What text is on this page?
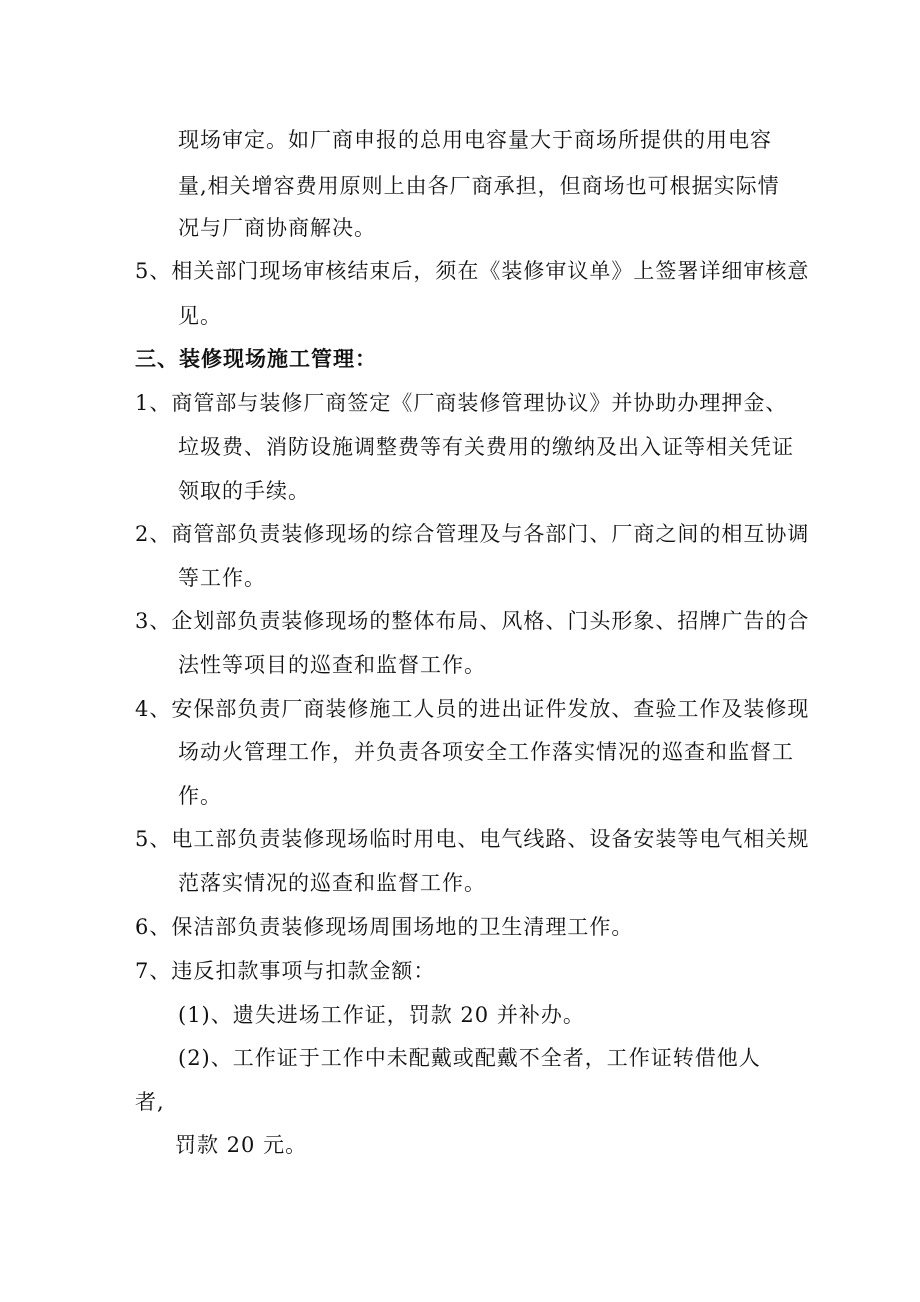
现场审定。如厂商申报的总用电容量大于商场所提供的用电容
量,相关增容费用原则上由各厂商承担，但商场也可根据实际情
况与厂商协商解决。
5、相关部门现场审核结束后，须在《装修审议单》上签署详细审核意
见。
三、装修现场施工管理：
1、商管部与装修厂商签定《厂商装修管理协议》并协助办理押金、
垃圾费、消防设施调整费等有关费用的缴纳及出入证等相关凭证
领取的手续。
2、商管部负责装修现场的综合管理及与各部门、厂商之间的相互协调
等工作。
3、企划部负责装修现场的整体布局、风格、门头形象、招牌广告的合
法性等项目的巡查和监督工作。
4、安保部负责厂商装修施工人员的进出证件发放、查验工作及装修现
场动火管理工作，并负责各项安全工作落实情况的巡查和监督工
作。
5、电工部负责装修现场临时用电、电气线路、设备安装等电气相关规
范落实情况的巡查和监督工作。
6、保洁部负责装修现场周围场地的卫生清理工作。
7、违反扣款事项与扣款金额：
(1)、遗失进场工作证，罚款 20 并补办。
(2)、工作证于工作中未配戴或配戴不全者，工作证转借他人
者,
罚款 20 元。
